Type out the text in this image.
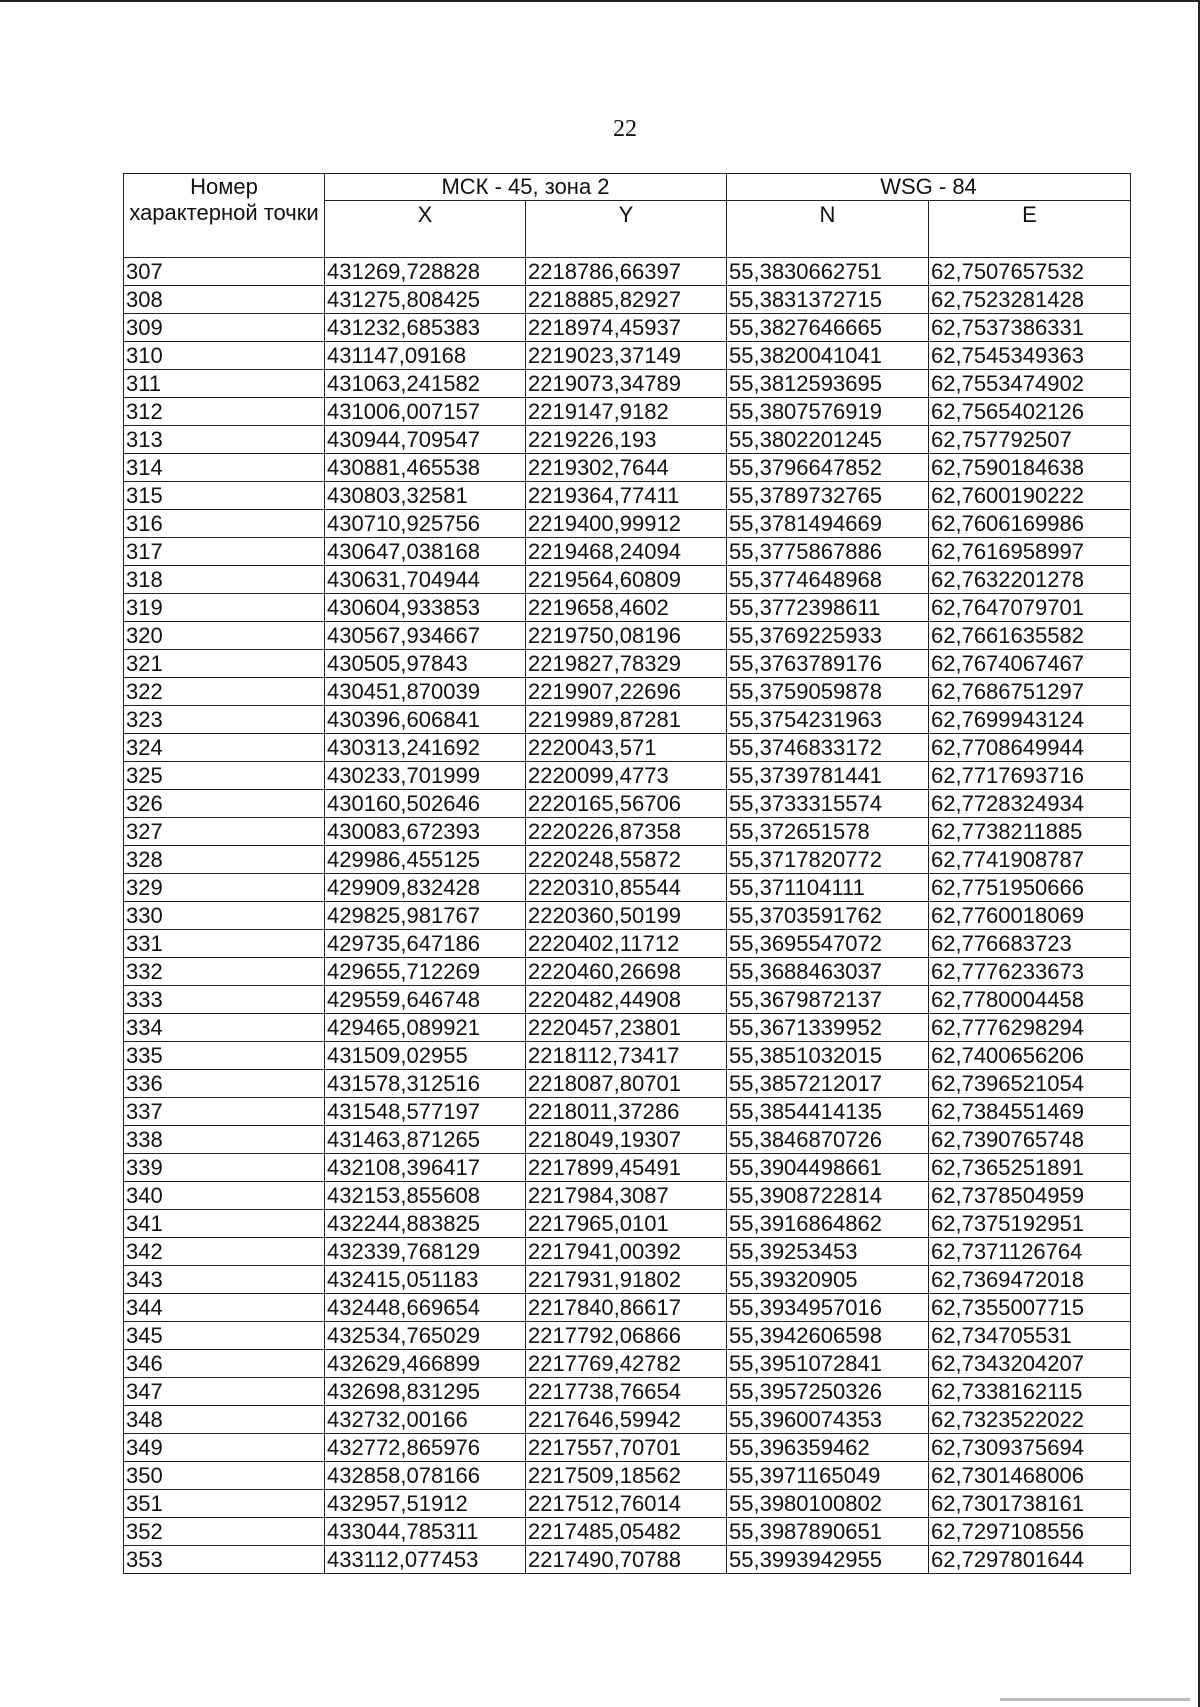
22
Номер характерной точки	МСК - 45, зона 2		WSG - 84	
	X	Y	N	E
307	431269,728828	2218786,66397	55,3830662751	62,7507657532
308	431275,808425	2218885,82927	55,3831372715	62,7523281428
309	431232,685383	2218974,45937	55,3827646665	62,7537386331
310	431147,09168	2219023,37149	55,3820041041	62,7545349363
311	431063,241582	2219073,34789	55,3812593695	62,7553474902
312	431006,007157	2219147,9182	55,3807576919	62,7565402126
313	430944,709547	2219226,193	55,3802201245	62,757792507
314	430881,465538	2219302,7644	55,3796647852	62,7590184638
315	430803,32581	2219364,77411	55,3789732765	62,7600190222
316	430710,925756	2219400,99912	55,3781494669	62,7606169986
317	430647,038168	2219468,24094	55,3775867886	62,7616958997
318	430631,704944	2219564,60809	55,3774648968	62,7632201278
319	430604,933853	2219658,4602	55,3772398611	62,7647079701
320	430567,934667	2219750,08196	55,3769225933	62,7661635582
321	430505,97843	2219827,78329	55,3763789176	62,7674067467
322	430451,870039	2219907,22696	55,3759059878	62,7686751297
323	430396,606841	2219989,87281	55,3754231963	62,7699943124
324	430313,241692	2220043,571	55,3746833172	62,7708649944
325	430233,701999	2220099,4773	55,3739781441	62,7717693716
326	430160,502646	2220165,56706	55,3733315574	62,7728324934
327	430083,672393	2220226,87358	55,372651578	62,7738211885
328	429986,455125	2220248,55872	55,3717820772	62,7741908787
329	429909,832428	2220310,85544	55,371104111	62,7751950666
330	429825,981767	2220360,50199	55,3703591762	62,7760018069
331	429735,647186	2220402,11712	55,3695547072	62,776683723
332	429655,712269	2220460,26698	55,3688463037	62,7776233673
333	429559,646748	2220482,44908	55,3679872137	62,7780004458
334	429465,089921	2220457,23801	55,3671339952	62,7776298294
335	431509,02955	2218112,73417	55,3851032015	62,7400656206
336	431578,312516	2218087,80701	55,3857212017	62,7396521054
337	431548,577197	2218011,37286	55,3854414135	62,7384551469
338	431463,871265	2218049,19307	55,3846870726	62,7390765748
339	432108,396417	2217899,45491	55,3904498661	62,7365251891
340	432153,855608	2217984,3087	55,3908722814	62,7378504959
341	432244,883825	2217965,0101	55,3916864862	62,7375192951
342	432339,768129	2217941,00392	55,39253453	62,7371126764
343	432415,051183	2217931,91802	55,39320905	62,7369472018
344	432448,669654	2217840,86617	55,3934957016	62,7355007715
345	432534,765029	2217792,06866	55,3942606598	62,734705531
346	432629,466899	2217769,42782	55,3951072841	62,7343204207
347	432698,831295	2217738,76654	55,3957250326	62,7338162115
348	432732,00166	2217646,59942	55,3960074353	62,7323522022
349	432772,865976	2217557,70701	55,396359462	62,7309375694
350	432858,078166	2217509,18562	55,3971165049	62,7301468006
351	432957,51912	2217512,76014	55,3980100802	62,7301738161
352	433044,785311	2217485,05482	55,3987890651	62,7297108556
353	433112,077453	2217490,70788	55,3993942955	62,7297801644
